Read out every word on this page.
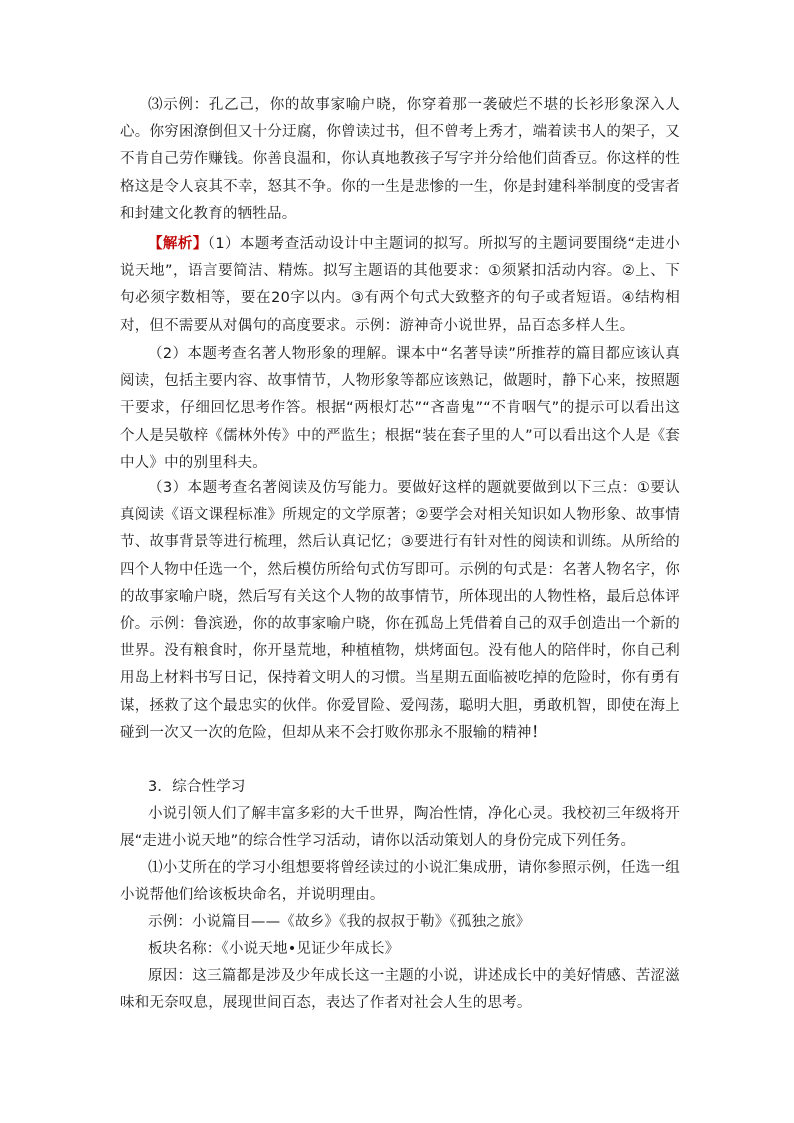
⑶示例：孔乙己，你的故事家喻户晓，你穿着那一袭破烂不堪的长衫形象深入人心。你穷困潦倒但又十分迂腐，你曾读过书，但不曾考上秀才，端着读书人的架子，又不肯自己劳作赚钱。你善良温和，你认真地教孩子写字并分给他们茴香豆。你这样的性格这是令人哀其不幸，怒其不争。你的一生是悲惨的一生，你是封建科举制度的受害者和封建文化教育的牺牲品。

【解析】（1）本题考查活动设计中主题词的拟写。所拟写的主题词要围绕“走进小说天地”，语言要简洁、精炼。拟写主题语的其他要求：①须紧扣活动内容。②上、下句必须字数相等，要在20字以内。③有两个句式大致整齐的句子或者短语。④结构相对，但不需要从对偶句的高度要求。示例：游神奇小说世界，品百态多样人生。

（2）本题考查名著人物形象的理解。课本中“名著导读”所推荐的篇目都应该认真阅读，包括主要内容、故事情节，人物形象等都应该熟记，做题时，静下心来，按照题干要求，仔细回忆思考作答。根据“两根灯芯”“吝啬鬼”“不肯咽气”的提示可以看出这个人是吴敬梓《儒林外传》中的严监生；根据“装在套子里的人”可以看出这个人是《套中人》中的别里科夫。

（3）本题考查名著阅读及仿写能力。要做好这样的题就要做到以下三点：①要认真阅读《语文课程标准》所规定的文学原著；②要学会对相关知识如人物形象、故事情节、故事背景等进行梳理，然后认真记忆；③要进行有针对性的阅读和训练。从所给的四个人物中任选一个，然后模仿所给句式仿写即可。示例的句式是：名著人物名字，你的故事家喻户晓，然后写有关这个人物的故事情节，所体现出的人物性格，最后总体评价。示例：鲁滨逊，你的故事家喻户晓，你在孤岛上凭借着自己的双手创造出一个新的世界。没有粮食时，你开垦荒地，种植植物，烘烤面包。没有他人的陪伴时，你自己利用岛上材料书写日记，保持着文明人的习惯。当星期五面临被吃掉的危险时，你有勇有谋，拯救了这个最忠实的伙伴。你爱冒险、爱闯荡，聪明大胆，勇敢机智，即使在海上碰到一次又一次的危险，但却从来不会打败你那永不服输的精神！

3．综合性学习

小说引领人们了解丰富多彩的大千世界，陶冶性情，净化心灵。我校初三年级将开展“走进小说天地”的综合性学习活动，请你以活动策划人的身份完成下列任务。

⑴小艾所在的学习小组想要将曾经读过的小说汇集成册，请你参照示例，任选一组小说帮他们给该板块命名，并说明理由。

示例：小说篇目——《故乡》《我的叔叔于勒》《孤独之旅》

板块名称：《小说天地•见证少年成长》

原因：这三篇都是涉及少年成长这一主题的小说，讲述成长中的美好情感、苦涩滋味和无奈叹息，展现世间百态，表达了作者对社会人生的思考。
